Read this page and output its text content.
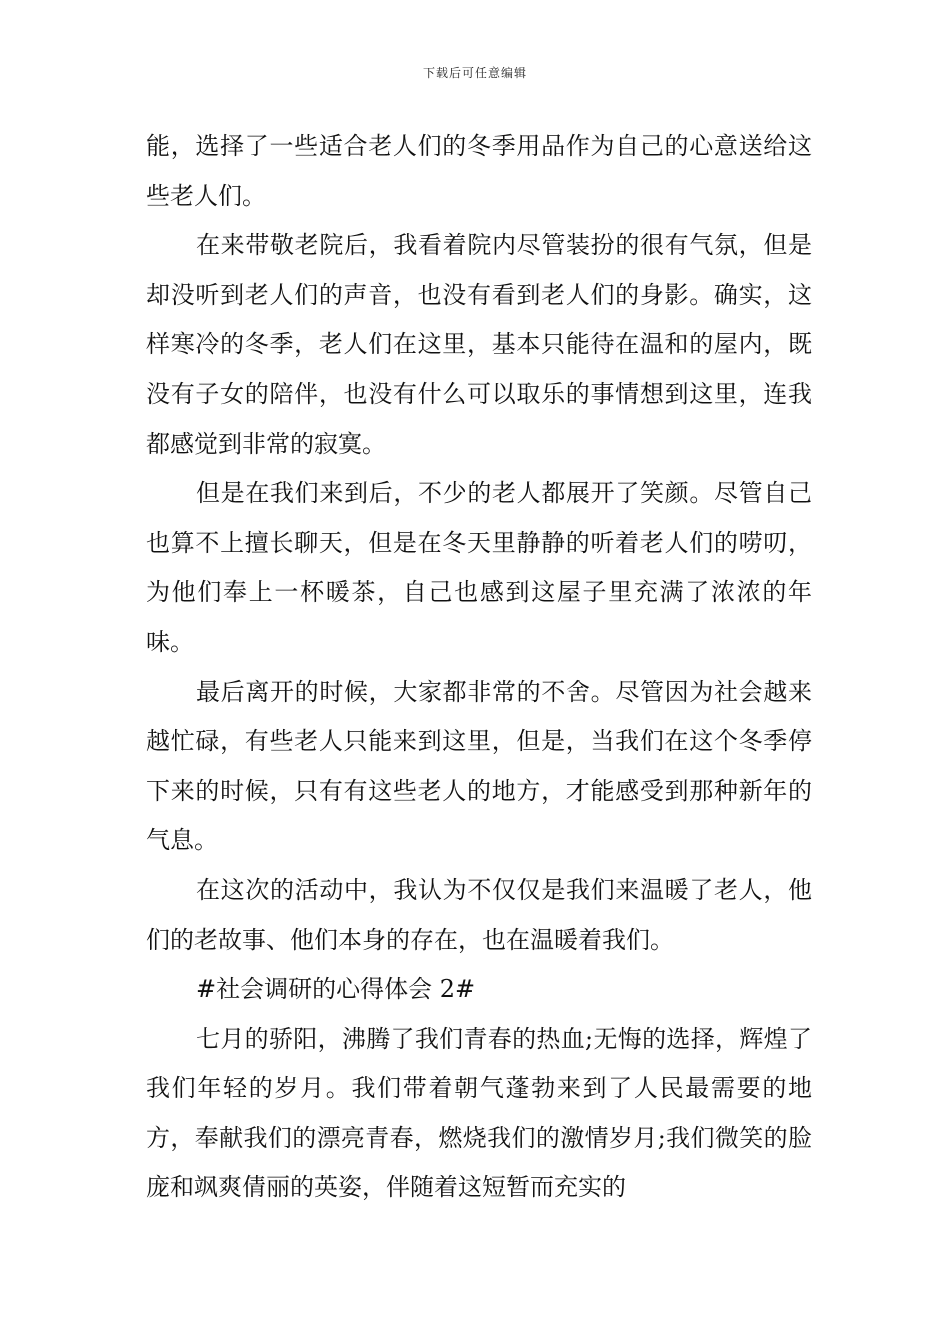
下载后可任意编辑

能，选择了一些适合老人们的冬季用品作为自己的心意送给这些老人们。

在来带敬老院后，我看着院内尽管装扮的很有气氛，但是却没听到老人们的声音，也没有看到老人们的身影。确实，这样寒冷的冬季，老人们在这里，基本只能待在温和的屋内，既没有子女的陪伴，也没有什么可以取乐的事情想到这里，连我都感觉到非常的寂寞。

但是在我们来到后，不少的老人都展开了笑颜。尽管自己也算不上擅长聊天，但是在冬天里静静的听着老人们的唠叨，为他们奉上一杯暖茶，自己也感到这屋子里充满了浓浓的年味。

最后离开的时候，大家都非常的不舍。尽管因为社会越来越忙碌，有些老人只能来到这里，但是，当我们在这个冬季停下来的时候，只有有这些老人的地方，才能感受到那种新年的气息。

在这次的活动中，我认为不仅仅是我们来温暖了老人，他们的老故事、他们本身的存在，也在温暖着我们。

#社会调研的心得体会 2#

七月的骄阳，沸腾了我们青春的热血;无悔的选择，辉煌了我们年轻的岁月。我们带着朝气蓬勃来到了人民最需要的地方，奉献我们的漂亮青春，燃烧我们的激情岁月;我们微笑的脸庞和飒爽倩丽的英姿，伴随着这短暂而充实的
